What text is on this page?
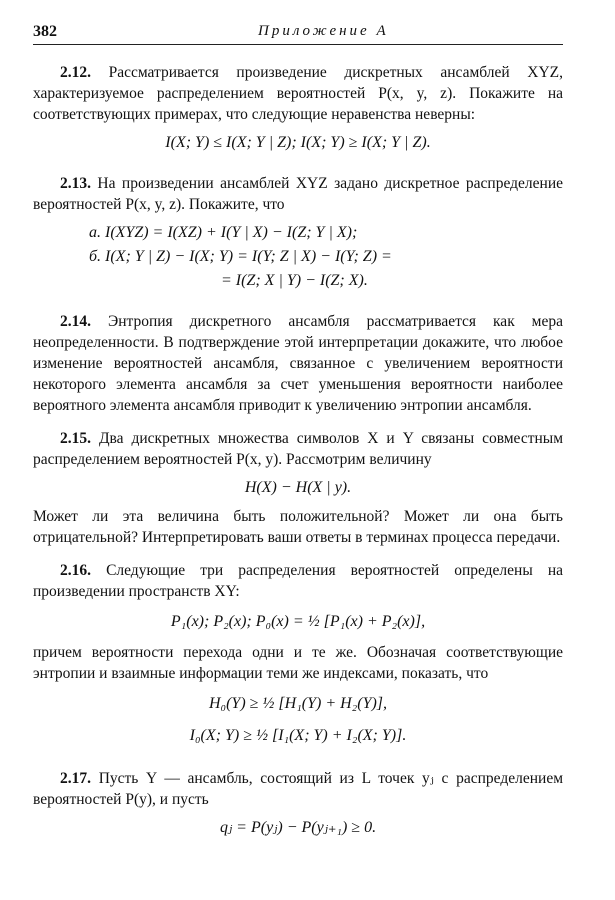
382	Приложение А

2.12. Рассматривается произведение дискретных ансамблей XYZ, характеризуемое распределением вероятностей P(x, y, z). Покажите на соответствующих примерах, что следующие неравенства неверны:

I(X; Y) ≤ I(X; Y | Z); I(X; Y) ≥ I(X; Y | Z).

2.13. На произведении ансамблей XYZ задано дискретное распределение вероятностей P(x, y, z). Покажите, что

а. I(XYZ) = I(XZ) + I(Y | X) − I(Z; Y | X);
б. I(X; Y | Z) − I(X; Y) = I(Y; Z | X) − I(Y; Z) =
= I(Z; X | Y) − I(Z; X).

2.14. Энтропия дискретного ансамбля рассматривается как мера неопределенности. В подтверждение этой интерпретации докажите, что любое изменение вероятностей ансамбля, связанное с увеличением вероятности некоторого элемента ансамбля за счет уменьшения вероятности наиболее вероятного элемента ансамбля приводит к увеличению энтропии ансамбля.

2.15. Два дискретных множества символов X и Y связаны совместным распределением вероятностей P(x, y). Рассмотрим величину

H(X) − H(X | y).

Может ли эта величина быть положительной? Может ли она быть отрицательной? Интерпретировать ваши ответы в терминах процесса передачи.

2.16. Следующие три распределения вероятностей определены на произведении пространств XY:

P₁(x); P₂(x); P₀(x) = ½ [P₁(x) + P₂(x)],

причем вероятности перехода одни и те же. Обозначая соответствующие энтропии и взаимные информации теми же индексами, показать, что

H₀(Y) ≥ ½ [H₁(Y) + H₂(Y)],
I₀(X; Y) ≥ ½ [I₁(X; Y) + I₂(X; Y)].

2.17. Пусть Y — ансамбль, состоящий из L точек yⱼ с распределением вероятностей P(y), и пусть

qⱼ = P(yⱼ) − P(yⱼ₊₁) ≥ 0.
